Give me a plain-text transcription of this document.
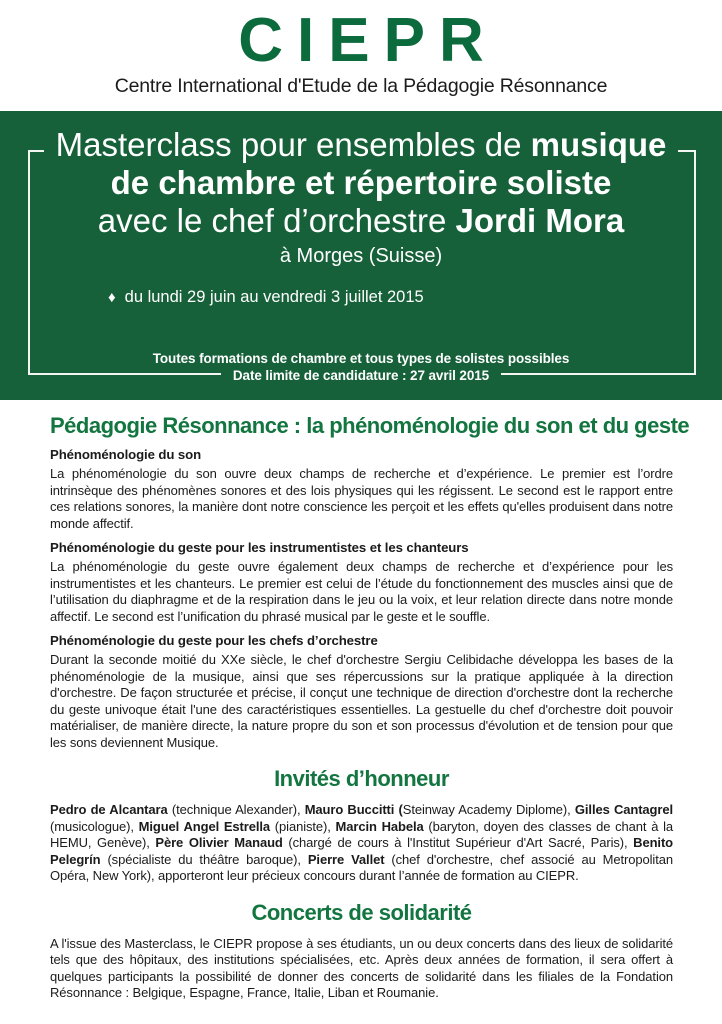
CIEPR
Centre International d'Etude de la Pédagogie Résonnance
Masterclass pour ensembles de musique
de chambre et répertoire soliste
avec le chef d’orchestre Jordi Mora
à Morges (Suisse)
♦ du lundi 29 juin au vendredi 3 juillet 2015
Toutes formations de chambre et tous types de solistes possibles
Date limite de candidature : 27 avril 2015
Pédagogie Résonnance : la phénoménologie du son et du geste
Phénoménologie du son

La phénoménologie du son ouvre deux champs de recherche et d’expérience. Le premier est l’ordre intrinsèque des phénomènes sonores et des lois physiques qui les régissent. Le second est le rapport entre ces relations sonores, la manière dont notre conscience les perçoit et les effets qu'elles produisent dans notre monde affectif.

Phénoménologie du geste pour les instrumentistes et les chanteurs

La phénoménologie du geste ouvre également deux champs de recherche et d’expérience pour les instrumentistes et les chanteurs. Le premier est celui de l’étude du fonctionnement des muscles ainsi que de l’utilisation du diaphragme et de la respiration dans le jeu ou la voix, et leur relation directe dans notre monde affectif. Le second est l’unification du phrasé musical par le geste et le souffle.

Phénoménologie du geste pour les chefs d’orchestre

Durant la seconde moitié du XXe siècle, le chef d'orchestre Sergiu Celibidache développa les bases de la phénoménologie de la musique, ainsi que ses répercussions sur la pratique appliquée à la direction d'orchestre. De façon structurée et précise, il conçut une technique de direction d'orchestre dont la recherche du geste univoque était l'une des caractéristiques essentielles. La gestuelle du chef d'orchestre doit pouvoir matérialiser, de manière directe, la nature propre du son et son processus d'évolution et de tension pour que les sons deviennent Musique.

Invités d’honneur

Pedro de Alcantara (technique Alexander), Mauro Buccitti (Steinway Academy Diplome), Gilles Cantagrel (musicologue), Miguel Angel Estrella (pianiste), Marcin Habela (baryton, doyen des classes de chant à la HEMU, Genève), Père Olivier Manaud (chargé de cours à l'Institut Supérieur d'Art Sacré, Paris), Benito Pelegrín (spécialiste du théâtre baroque), Pierre Vallet (chef d'orchestre, chef associé au Metropolitan Opéra, New York), apporteront leur précieux concours durant l’année de formation au CIEPR.

Concerts de solidarité

A l'issue des Masterclass, le CIEPR propose à ses étudiants, un ou deux concerts dans des lieux de solidarité tels que des hôpitaux, des institutions spécialisées, etc. Après deux années de formation, il sera offert à quelques participants la possibilité de donner des concerts de solidarité dans les filiales de la Fondation Résonnance : Belgique, Espagne, France, Italie, Liban et Roumanie.
